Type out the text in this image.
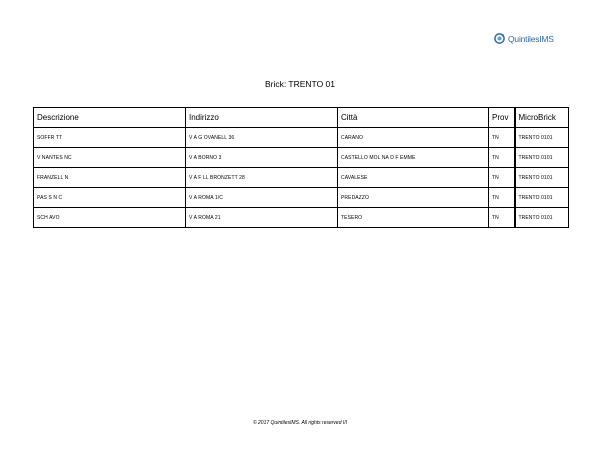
QuintilesIMS
Brick: TRENTO 01
Descrizione	Indirizzo	Città	Prov	MicroBrick
SOFFR TT	V A G OVANELL 36	CARANO	TN	TRENTO 0101
V NANTES NC	V A BORNO 3	CASTELLO MOL NA D F EMME	TN	TRENTO 0101
FRANZELL N	V A F LL BRONZETT 28	CAVALESE	TN	TRENTO 0101
PAS S N C	V A ROMA 1/C	PREDAZZO	TN	TRENTO 0101
SCH AVO	V A ROMA 21	TESERO	TN	TRENTO 0101
© 2017 QuintilesIMS. All rights reserved I/I
